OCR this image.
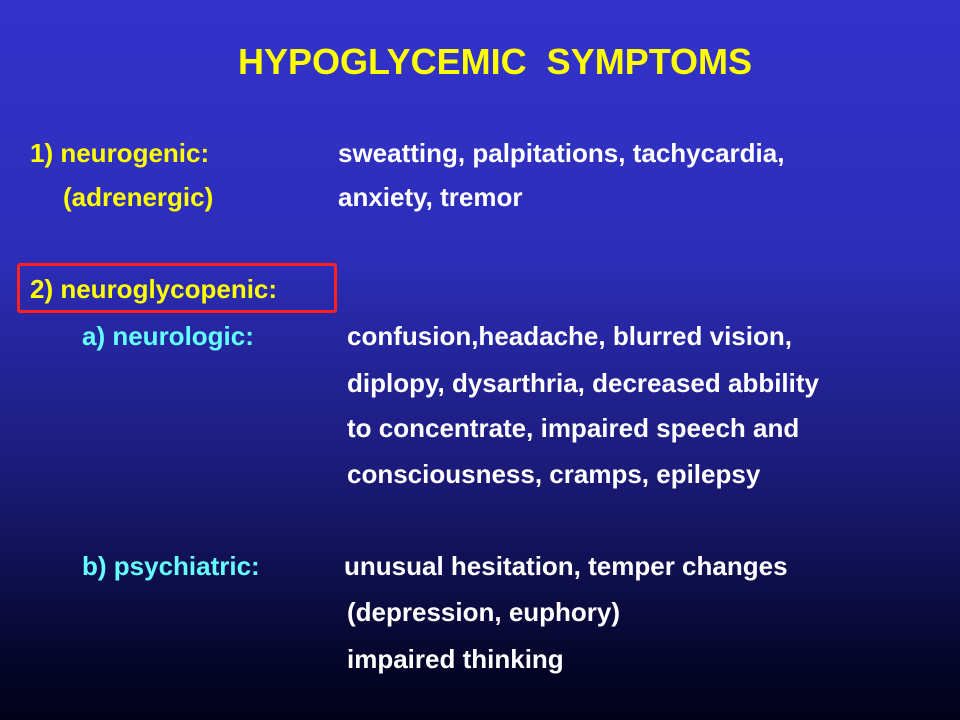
HYPOGLYCEMIC  SYMPTOMS
1) neurogenic:
(adrenergic)
sweatting, palpitations, tachycardia,
anxiety, tremor
2) neuroglycopenic:
a) neurologic:	confusion,headache, blurred vision,
diplopy, dysarthria, decreased abbility
to concentrate, impaired speech and
consciousness, cramps, epilepsy
b) psychiatric:	unusual hesitation, temper changes
(depression, euphory)
impaired thinking
